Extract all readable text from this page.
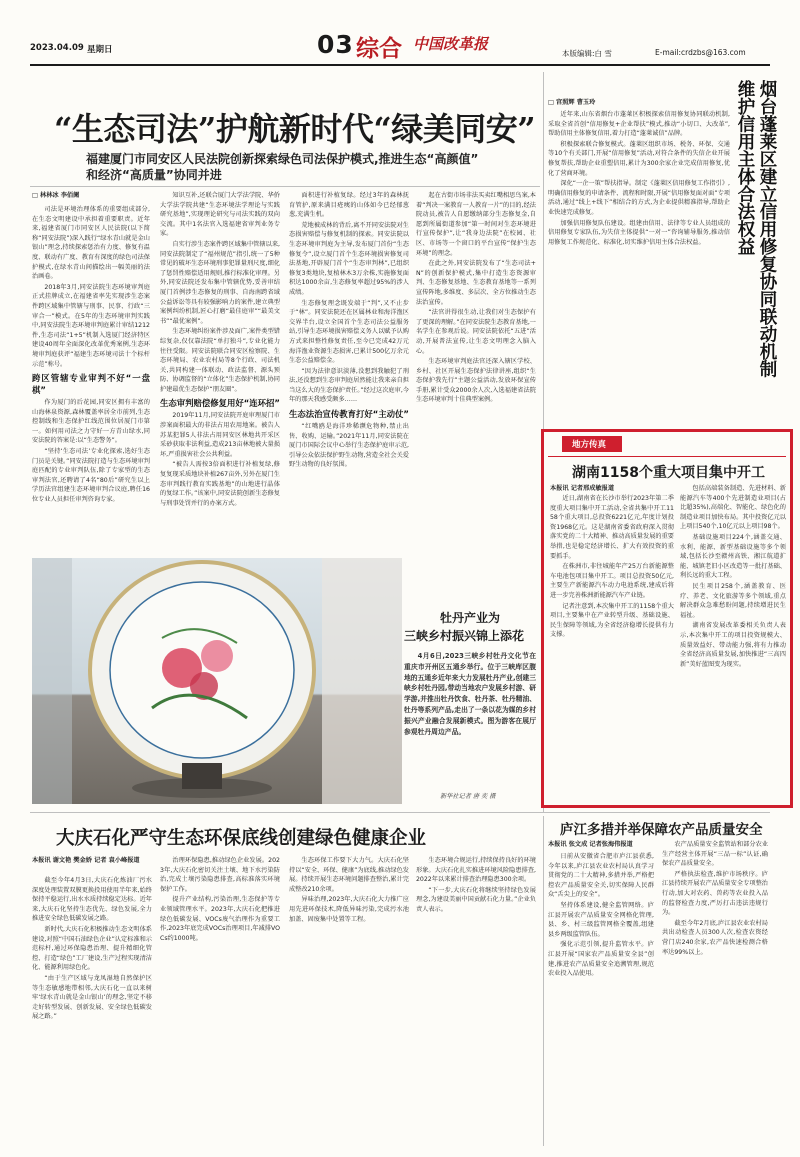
2023.04.09 星期日	03 综合 中国改革报
本版编辑:白 雪	E-mail:crdzbs@163.com
“生态司法”护航新时代“绿美同安”
福建厦门市同安区人民法院创新探索绿色司法保护模式,推进生态“高颜值”
和经济“高质量”协同并进
□ 林林冰 李佰阑

司法是环境治理体系的重要组成部分,在生态文明建设中承担着重要职责。近年来,福建省厦门市同安区人民法院(以下简称“同安法院”)深入践行“绿水青山就是金山银山”理念,持续探索惩治有力度、修复有温度、联动有广度、教育有深度的绿色司法保护模式,在绿水青山间描绘出一幅美丽的法治画卷。

2018年3月,同安法院生态环境审判庭正式挂牌成立,在福建省率先实现涉生态案件跨区域集中管辖与刑事、民事、行政“三审合一”模式。在5年的生态环境审判实践中,同安法院生态环境审判庭累计审结1212件,生态司法“1+5”机制入选厦门经济特区建设40周年全面深化改革优秀案例,生态环境审判庭获评“福建生态环境司法十个标杆示范”称号。

跨区管辖专业审判不好“一盘棋”

作为厦门的后花园,同安区拥有丰富的山海林泉资源,森林覆盖率居全市前列,生态控制线和生态保护红线范围位居厦门市第一。如何用司法之力守好一方青山绿水,同安法院的答案是:以“生态警务”。

“坚持‘生态司法’专业化探索,选好生态门员是关键。”同安法院打造与生态环境审判庭匹配的专业审判队伍,除了专家型的生态审判法官,还聘请了4名“80后”研究生以上学历法官组建生态环境审判合议庭,聘任16位专业人员担任审判咨询专家。

知识互补,还联合厦门大学法学院、华侨大学法学院共建“生态环境法学理论与实践研究基地”,实现理论研究与司法实践的双向交流。其中1名法官入选福建省审判业务专家。

自实行涉生态案件跨区域集中管辖以来,同安法院制定了“福州规范”指引,统一了5种常见的破坏生态环境刑事犯罪量刑尺度,细化了惩罚性赔偿适用规则,推行标准化审理。另外,同安法院还发布集中管辖优势,妥善审结厦门首例涉生态修复的刑事、自海南跨省域公益诉讼等具有较强影响力的案件,建立典型案例纠纷机制,匠心打磨“最佳庭审”“最美文书”“最优案例”。

生态环境纠纷案件涉及面广,案件类型错综复杂,仅仅靠法院“单打独斗”,专业化能力往往受限。同安法院联合同安区检察院、生态环境局、农业农村局等8个行政、司法机关,共同构建一体联动、政法监督、源头预防、协调监督的“立体化”生态保护机制,协同护建最优生态保护“朋友圈”。

生态审判赔偿修复用好“连环招”

2019年11月,同安法院开庭审理厦门市涉案面积最大的非法占用农用地案。被告人苏某犯罪5人非法占用同安区林地共开采区采砂获取非法利益,造成213亩林地被大量损坏,严重损害社会公共利益。

“被告人需按3倍面积进行补植复绿,修复复现采质地块补植267亩外,另外在厦门生态审判践行教育实践基地”的山地进行晶体的复绿工作。”该案中,同安法院创新生态修复与刑事处罚并行的办案方式。

面积进行补植复绿。经过3年的森林抚育管护,原来满目疮痍的山体如今已经郁葱葱,充满生机。

荒地被成林的背后,离不开同安法院对生态损害赔偿与修复机制的探索。同安法院以生态环境审判庭为主导,发布厦门首份“生态修复令”,设立厦门首个生态环境损害修复司法基地,开辟厦门首个“生态审判林”,已组织修复3类地块,复植林木3万余株,实施修复面积达1000余亩,生态修复率超过95%的涉人成绩。

生态修复理念既发端于“判”,又不止步于“林”。同安法院还在区属林业和海洋渔区交界半台,设立全国首个生态司法公益服务站,引导生态环境损害赔偿义务人以赋予认购方式来担整性修复责任,至今已完成42万元海洋渔业资源生态损害,已累计500亿万余元生态公益赔偿金。

“因为法律意识淡薄,没想到我触犯了刑法,还没想到生态审判庭居然能让我来亲自担当这么大的生态保护责任。”经过这次庭审,今年的那天我感受颇多……

生态法治宣传教育打好“主动仗”

“红嘴鸥是海洋珍稀濒危物种,禁止出售、收购、运输。”2021年11月,同安法院在厦门市国际会议中心举行生态保护庭审示范,引导公众依法保护野生动物,营造全社会关爱野生动物的良好氛围。

起在古街市场非法买卖红嘴相思鸟案,本着“判决一案教育一人教育一片”的目的,经法院动员,被告人自愿缴纳部分生态修复金,自愿到所属街道参加“第一时间对生态环境进行宣传保护”,让“我身边法院”在校园、社区、市场等一个窗口的平台宣传“保护生态环境”的理念。

在此之外,同安法院发布了“生态司法+N”的创新保护模式,集中打造生态资源审判、生态修复基地、生态教育基地等一系列宣传阵地,多维度、多层次、全方位推动生态法治宣传。

“法官讲得很生动,让我们对生态保护有了更深的理解。”在同安法院生态教育基地,一名学生在参观后说。同安法院依托“五进”活动,开展普法宣传,让生态文明理念入脑入心。

生态环境审判庭法官还深入辖区学校、乡村、社区开展生态保护法律讲座,组织“生态保护我先行”主题公益活动,发放环保宣传手册,累计受众2000余人次,入选福建省法院生态环境审判十佳典型案例。

牡丹产业为
三峡乡村振兴锦上添花
4月6日,2023三峡乡村牡丹文化节在重庆市开州区五通乡举行。位于三峡库区腹地的五通乡近年来大力发展牡丹产业,创建三峡乡村牡丹园,带动当地农户发展乡村游、研学游,并推出牡丹饮食、牡丹茶、牡丹精油、牡丹等系列产品,走出了一条以花为媒的乡村振兴产业融合发展新模式。图为游客在展厅参观牡丹周边产品。
新华社记者 唐 奕 摄
烟台蓬莱区建立信用修复协同联动机制 维护信用主体合法权益
□ 宫照辉 曹玉玲

近年来,山东省烟台市蓬莱区积极探索信用修复协同联动机制,采取全省首创“信用修复+企业帮扶”模式,推动“小切口、大改革”,帮助信用主体修复信用,着力打造“蓬莱诚信”品牌。

积极探索联合修复模式。蓬莱区组织市场、税务、环保、交通等10个有关部门,开展“信用修复”活动,对符合条件的失信企业开展修复帮扶,帮助企业重塑信用,累计为300余家企业完成信用修复,优化了营商环境。

深化“一企一策”帮扶指导。制定《蓬莱区信用修复工作指引》,明确信用修复的申请条件、流程和时限,开展“信用修复面对面”专项活动,通过“线上+线下”相结合的方式,为企业提供精准指导,帮助企业快速完成修复。

加强信用修复队伍建设。组建由信用、法律等专业人员组成的信用修复专家队伍,为失信主体提供“一对一”咨询辅导服务,推动信用修复工作规范化、标准化,切实维护信用主体合法权益。

地方传真
湖南1158个重大项目集中开工
本报讯 记者邢成敏报道

近日,湖南省在长沙市举行2023年第二季度重大项目集中开工活动,全省共集中开工1158个重大项目,总投资6221亿元,年度计划投资1968亿元。这是湖南省委省政府深入贯彻落实党的二十大精神、推动高质量发展的重要举措,也是稳定经济增长、扩大有效投资的重要抓手。

在株洲市,非往城能年产25万台新能源整车电池包项目集中开工。项目总投资50亿元,主要生产新能源汽车动力电池系统,建成后将进一步完善株洲新能源汽车产业链。

记者注意到,本次集中开工的1158个重大项目,主要集中在产业转型升级、基础设施、民生保障等领域,为全省经济稳增长提供有力支撑。

包括高端装备制造、先进材料、新能源汽车等400个先进制造业项目(占比超35%),高端化、智能化、绿色化的制造业项目加快布局。其中投资亿元以上项目540个,10亿元以上项目98个。

基础设施项目224个,涵盖交通、水利、能源、新型基础设施等多个领域,包括长沙至赣州高铁、湘江航道扩能、城镇老旧小区改造等一批打基础、利长远的重大工程。

民生项目258个,涵盖教育、医疗、养老、文化旅游等多个领域,重点解决群众急难愁盼问题,持续增进民生福祉。

湖南省发展改革委相关负责人表示,本次集中开工的项目投资规模大、质量效益好、带动能力强,将有力推动全省经济高质量发展,加快推进“三高四新”美好蓝图变为现实。

大庆石化严守生态环保底线创建绿色健康企业
本报讯 谢文艳 樊金娇 记者 袁小峰报道

截至今年4月3日,大庆石化炼油厂污水深度处理装置双膜更换投用使用半年来,始终保持平稳运行,出水水质持续稳定达标。近年来,大庆石化坚持生态优先、绿色发展,全力推进安全绿色低碳发展之路。

新时代,大庆石化积极推动生态文明体系建设,对照“中国石油绿色企业”认定标准和示范标杆,通过环保隐患治理、提升精细化管控、打造“绿色”工厂建设,生产过程实现清洁化、能源利用绿色化。

“由于生产区域与龙凤湿地自然保护区等生态敏感地带相邻,大庆石化一直以来树牢‘绿水青山就是金山银山’的理念,坚定不移走好转型发展、创新发展、安全绿色低碳发展之路。”

治理环保隐患,推动绿色企业发展。2023年,大庆石化密切关注土壤、地下水污染防治,完成土壤污染隐患排查,高标准落实环境保护工作。

提升产业结构,污染治理,生态保护等专业领域管理水平。2023年,大庆石化把推进绿色低碳发展、VOCs废气治理作为重要工作,2023年底完成VOCs治理项目,年减排VOCs约1000吨。

生态环保工作要下大力气。大庆石化坚持以“安全、环保、健康”为底线,推动绿色发展。持续开展生态环境问题排查整治,累计完成整改210余项。

异味治理,2023年,大庆石化大力推广应用先进环保技术,降低异味污染,完成污水池加盖、固废集中处置等工程。

生态环境合规运行,持续保持良好的环境形象。大庆石化扎实推进环境风险隐患排查,2022年以来累计排查治理隐患300余项。

“下一步,大庆石化将继续坚持绿色发展理念,为建设美丽中国贡献石化力量。”企业负责人表示。

庐江多措并举保障农产品质量安全
本报讯 张文成 记者张海伟报道

日前从安徽省合肥市庐江县获悉,今年以来,庐江县农业农村局认真学习贯彻党的二十大精神,多措并举,严格把控农产品质量安全关,切实保障人民群众“舌尖上的安全”。

坚持体系建设,健全监管网络。庐江县开展农产品质量安全网格化管理,县、乡、村三级监管网格全覆盖,组建县乡两级监管队伍。

强化示范引领,提升监管水平。庐江县开展“国家农产品质量安全县”创建,推进农产品质量安全追溯管理,规范农业投入品使用。

农产品质量安全监管站和部分农业生产经营主体开展“三品一标”认证,确保农产品质量安全。

严格执法检查,维护市场秩序。庐江县持续开展农产品质量安全专项整治行动,加大对农药、兽药等农业投入品的监督检查力度,严厉打击违法违规行为。

截至今年2月底,庐江县农业农村局共出动检查人员300人次,检查农资经营门店240余家,农产品快速检测合格率达99%以上。
